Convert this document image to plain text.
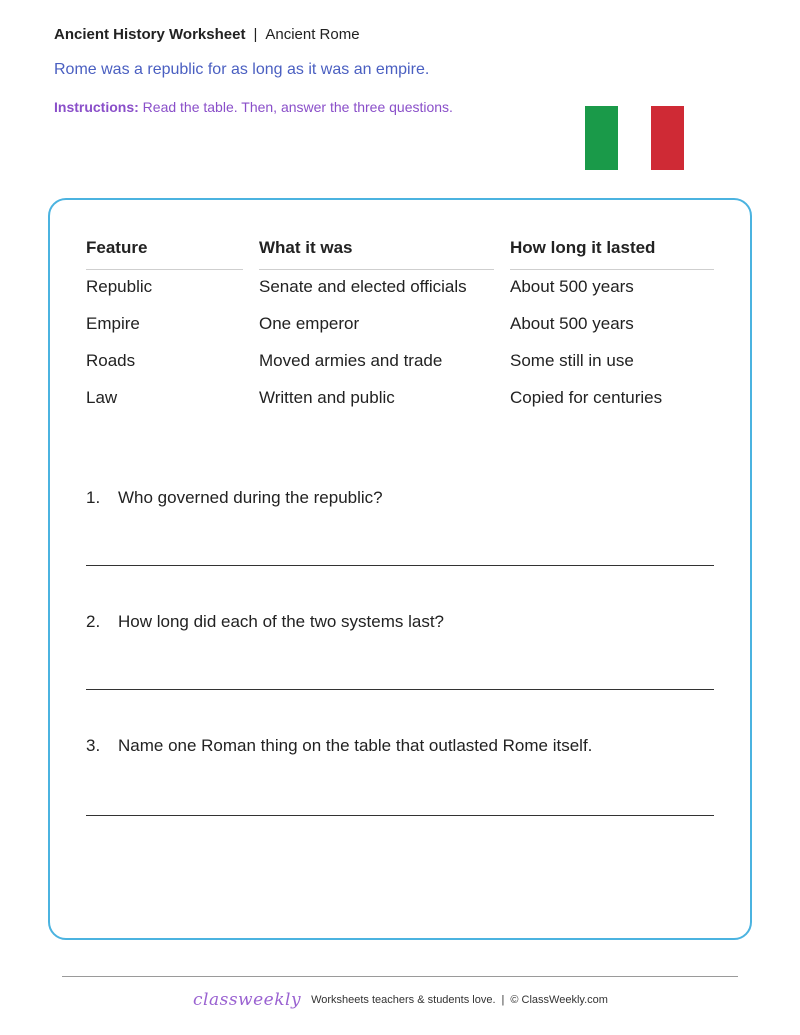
Ancient History Worksheet | Ancient Rome
Rome was a republic for as long as it was an empire.
Instructions: Read the table. Then, answer the three questions.
Feature	What it was	How long it lasted
Republic	Senate and elected officials	About 500 years
Empire	One emperor	About 500 years
Roads	Moved armies and trade	Some still in use
Law	Written and public	Copied for centuries
1. Who governed during the republic?
2. How long did each of the two systems last?
3. Name one Roman thing on the table that outlasted Rome itself.
classweekly Worksheets teachers & students love. | © ClassWeekly.com
